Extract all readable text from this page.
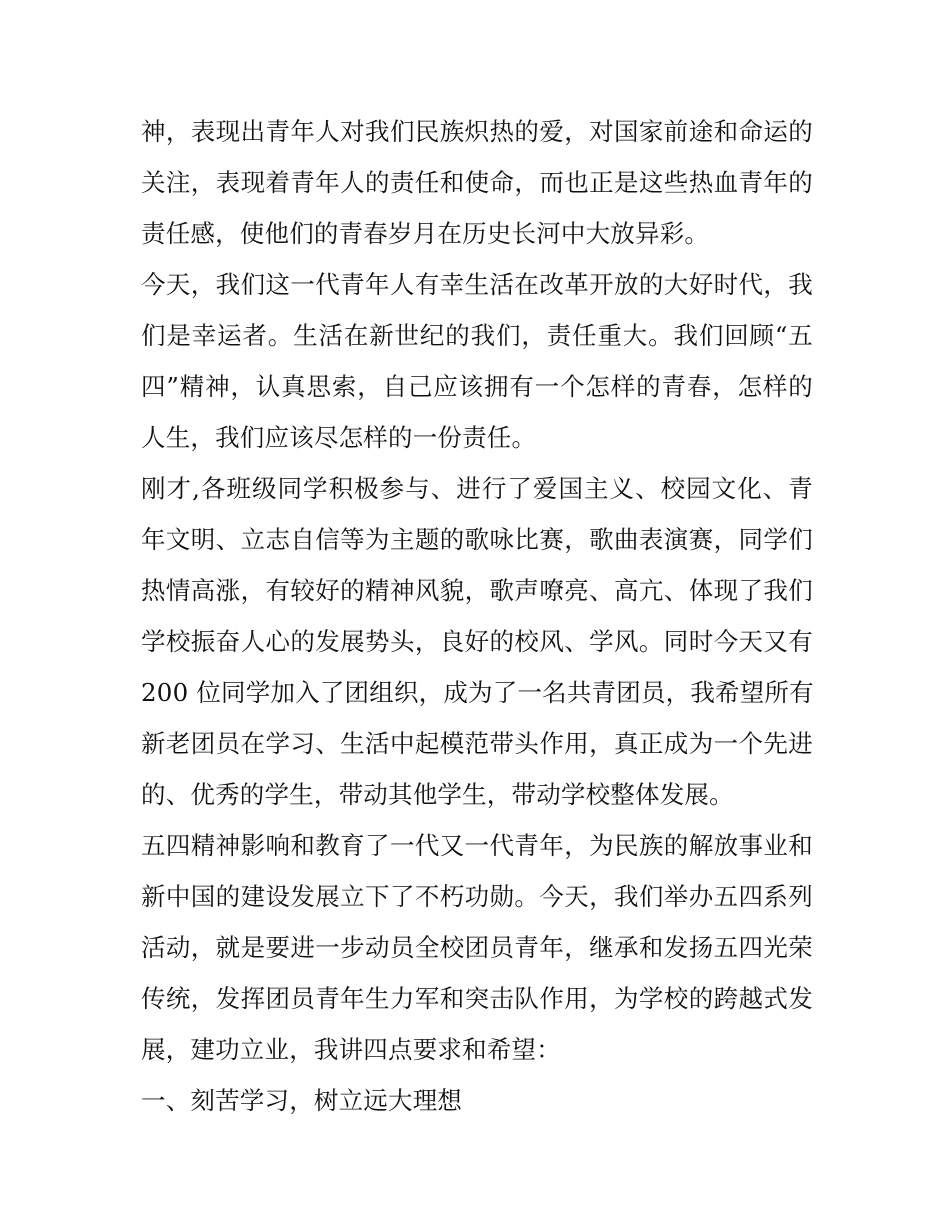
神，表现出青年人对我们民族炽热的爱，对国家前途和命运的
关注，表现着青年人的责任和使命，而也正是这些热血青年的
责任感，使他们的青春岁月在历史长河中大放异彩。
今天，我们这一代青年人有幸生活在改革开放的大好时代，我
们是幸运者。生活在新世纪的我们，责任重大。我们回顾“五
四”精神，认真思索，自己应该拥有一个怎样的青春，怎样的
人生，我们应该尽怎样的一份责任。
刚才,各班级同学积极参与、进行了爱国主义、校园文化、青
年文明、立志自信等为主题的歌咏比赛，歌曲表演赛，同学们
热情高涨，有较好的精神风貌，歌声嘹亮、高亢、体现了我们
学校振奋人心的发展势头，良好的校风、学风。同时今天又有
200 位同学加入了团组织，成为了一名共青团员，我希望所有
新老团员在学习、生活中起模范带头作用，真正成为一个先进
的、优秀的学生，带动其他学生，带动学校整体发展。
五四精神影响和教育了一代又一代青年，为民族的解放事业和
新中国的建设发展立下了不朽功勋。今天，我们举办五四系列
活动，就是要进一步动员全校团员青年，继承和发扬五四光荣
传统，发挥团员青年生力军和突击队作用，为学校的跨越式发
展，建功立业，我讲四点要求和希望：
一、刻苦学习，树立远大理想
